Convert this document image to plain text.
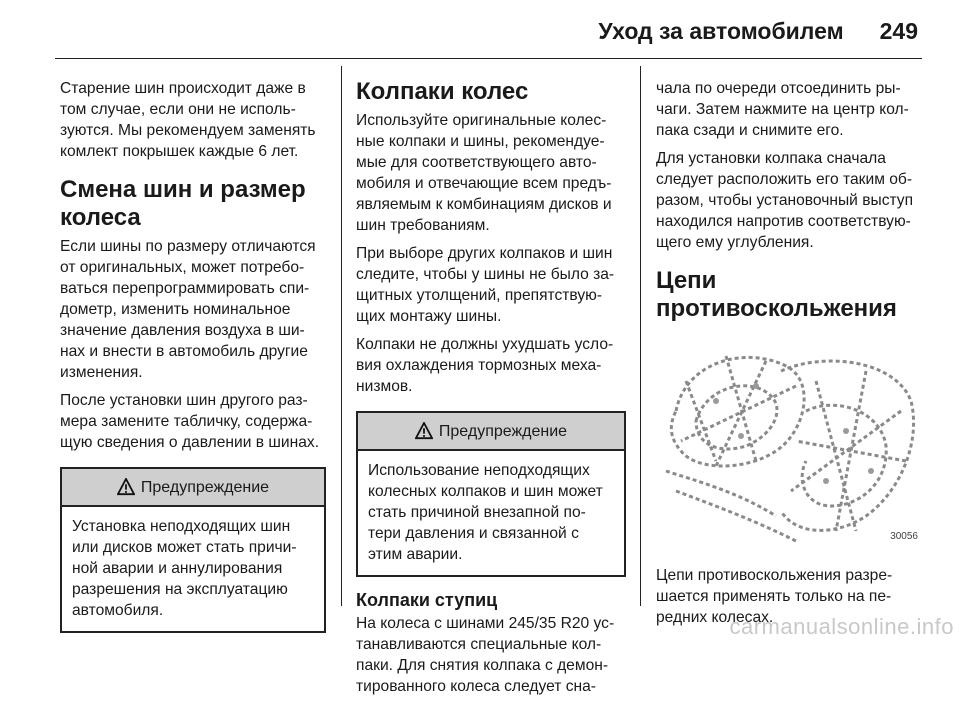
Уход за автомобилем 249

Старение шин происходит даже в том случае, если они не исполь- зуются. Мы рекомендуем заменять комлект покрышек каждые 6 лет.

Смена шин и размер колеса

Если шины по размеру отличаются от оригинальных, может потребо- ваться перепрограммировать спи- дометр, изменить номинальное значение давления воздуха в ши- нах и внести в автомобиль другие изменения.

После установки шин другого раз- мера замените табличку, содержа- щую сведения о давлении в шинах.

Предупреждение
Установка неподходящих шин или дисков может стать причи- ной аварии и аннулирования разрешения на эксплуатацию автомобиля.
Колпаки колес

Используйте оригинальные колес- ные колпаки и шины, рекомендуе- мые для соответствующего авто- мобиля и отвечающие всем предъ- являемым к комбинациям дисков и шин требованиям.

При выборе других колпаков и шин следите, чтобы у шины не было за- щитных утолщений, препятствую- щих монтажу шины.

Колпаки не должны ухудшать усло- вия охлаждения тормозных меха- низмов.

Предупреждение
Использование неподходящих колесных колпаков и шин может стать причиной внезапной по- тери давления и связанной с этим аварии.
Колпаки ступиц

На колеса с шинами 245/35 R20 ус- танавливаются специальные кол- паки. Для снятия колпака с демон- тированного колеса следует сна-

чала по очереди отсоединить ры- чаги. Затем нажмите на центр кол- пака сзади и снимите его.

Для установки колпака сначала следует расположить его таким об- разом, чтобы установочный выступ находился напротив соответствую- щего ему углубления.

Цепи противоскольжения
30056

Цепи противоскольжения разре- шается применять только на пе- редних колесах.

carmanualsonline.info
